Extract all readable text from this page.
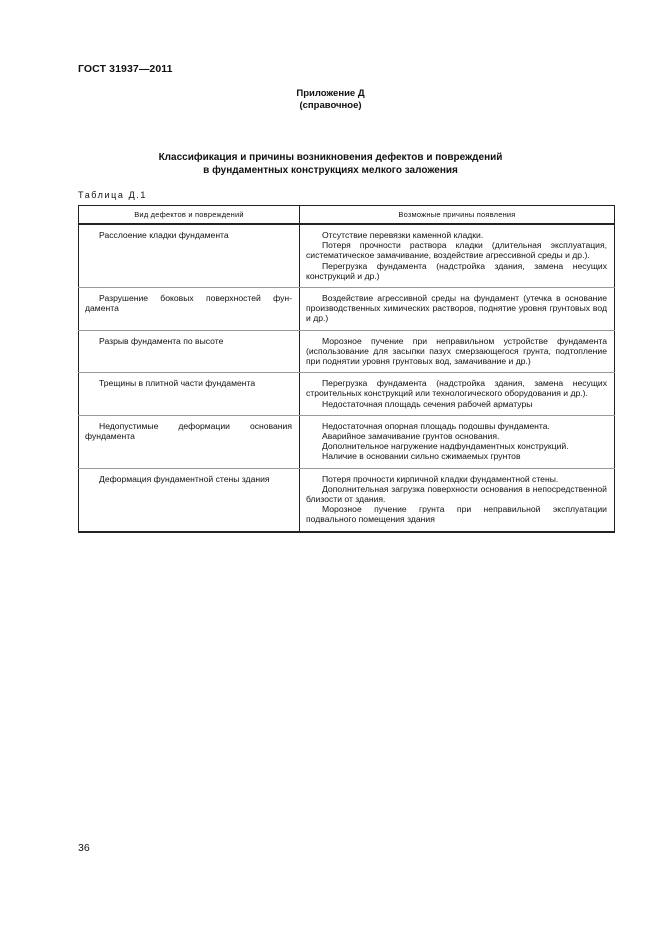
ГОСТ 31937—2011
Приложение Д
(справочное)
Классификация и причины возникновения дефектов и повреждений
в фундаментных конструкциях мелкого заложения
Таблица Д.1
Вид дефектов и повреждений	Возможные причины появления
Расслоение кладки фундамента	Отсутствие перевязки каменной кладки.

Потеря прочности раствора кладки (длительная эксплуатация, систематическое замачивание, воздействие агрессивной среды и др.).

Перегрузка фундамента (надстройка здания, замена несущих конструкций и др.)

Разрушение боковых поверхностей фундамента	Воздействие агрессивной среды на фундамент (утечка в основание производственных химических растворов, поднятие уровня грунтовых вод и др.)

Разрыв фундамента по высоте	Морозное пучение при неправильном устройстве фундамента (использование для засыпки пазух смерзающегося грунта, подтопление при поднятии уровня грунтовых вод, замачивание и др.)

Трещины в плитной части фундамента	Перегрузка фундамента (надстройка здания, замена несущих строительных конструкций или технологического оборудования и др.).

Недостаточная площадь сечения рабочей арматуры

Недопустимые деформации основания фундамента	Недостаточная опорная площадь подошвы фундамента.

Аварийное замачивание грунтов основания.

Дополнительное нагружение надфундаментных конструкций.

Наличие в основании сильно сжимаемых грунтов

Деформация фундаментной стены здания	Потеря прочности кирпичной кладки фундаментной стены.

Дополнительная загрузка поверхности основания в непосредственной близости от здания.

Морозное пучение грунта при неправильной эксплуатации подвального помещения здания

36
